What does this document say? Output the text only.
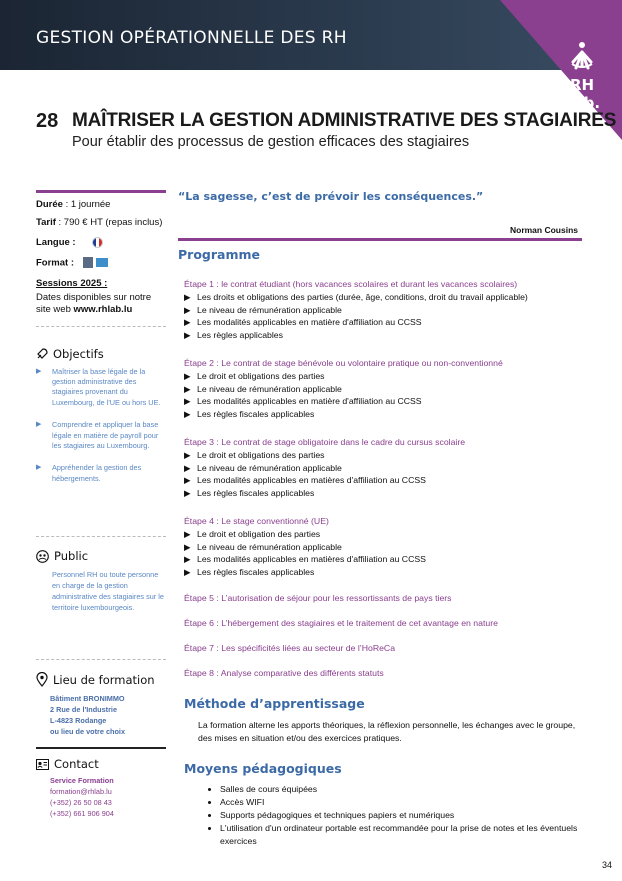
GESTION OPÉRATIONNELLE DES RH
RH Lab.
28 MAÎTRISER LA GESTION ADMINISTRATIVE DES STAGIAIRES
Pour établir des processus de gestion efficaces des stagiaires
Durée : 1 journée
Tarif : 790 € HT (repas inclus)
Langue :
Format :
Sessions 2025 :
Dates disponibles sur notre site web www.rhlab.lu
Objectifs
▶ Maîtriser la base légale de la gestion administrative des stagiaires provenant du Luxembourg, de l'UE ou hors UE.
▶ Comprendre et appliquer la base légale en matière de payroll pour les stagiaires au Luxembourg.
▶ Appréhender la gestion des hébergements.
Public
Personnel RH ou toute personne en charge de la gestion administrative des stagiaires sur le territoire luxembourgeois.
Lieu de formation
Bâtiment BRONIMMO
2 Rue de l'Industrie
L-4823 Rodange
ou lieu de votre choix
Contact
Service Formation
formation@rhlab.lu
(+352) 26 50 08 43
(+352) 661 906 904
“La sagesse, c’est de prévoir les conséquences.”
Norman Cousins
Programme
Étape 1 : le contrat étudiant (hors vacances scolaires et durant les vacances scolaires)
▶ Les droits et obligations des parties (durée, âge, conditions, droit du travail applicable)
▶ Le niveau de rémunération applicable
▶ Les modalités applicables en matière d'affiliation au CCSS
▶ Les règles applicables
Étape 2 : Le contrat de stage bénévole ou volontaire pratique ou non-conventionné
▶ Le droit et obligations des parties
▶ Le niveau de rémunération applicable
▶ Les modalités applicables en matière d'affiliation au CCSS
▶ Les règles fiscales applicables
Étape 3 : Le contrat de stage obligatoire dans le cadre du cursus scolaire
▶ Le droit et obligations des parties
▶ Le niveau de rémunération applicable
▶ Les modalités applicables en matières d'affiliation au CCSS
▶ Les règles fiscales applicables
Étape 4 : Le stage conventionné (UE)
▶ Le droit et obligation des parties
▶ Le niveau de rémunération applicable
▶ Les modalités applicables en matières d'affiliation au CCSS
▶ Les règles fiscales applicables
Étape 5 : L’autorisation de séjour pour les ressortissants de pays tiers
Étape 6 : L’hébergement des stagiaires et le traitement de cet avantage en nature
Étape 7 : Les spécificités liées au secteur de l’HoReCa
Étape 8 : Analyse comparative des différents statuts
Méthode d’apprentissage
La formation alterne les apports théoriques, la réflexion personnelle, les échanges avec le groupe, des mises en situation et/ou des exercices pratiques.
Moyens pédagogiques
• Salles de cours équipées
• Accès WIFI
• Supports pédagogiques et techniques papiers et numériques
• L'utilisation d'un ordinateur portable est recommandée pour la prise de notes et les éventuels exercices
34
